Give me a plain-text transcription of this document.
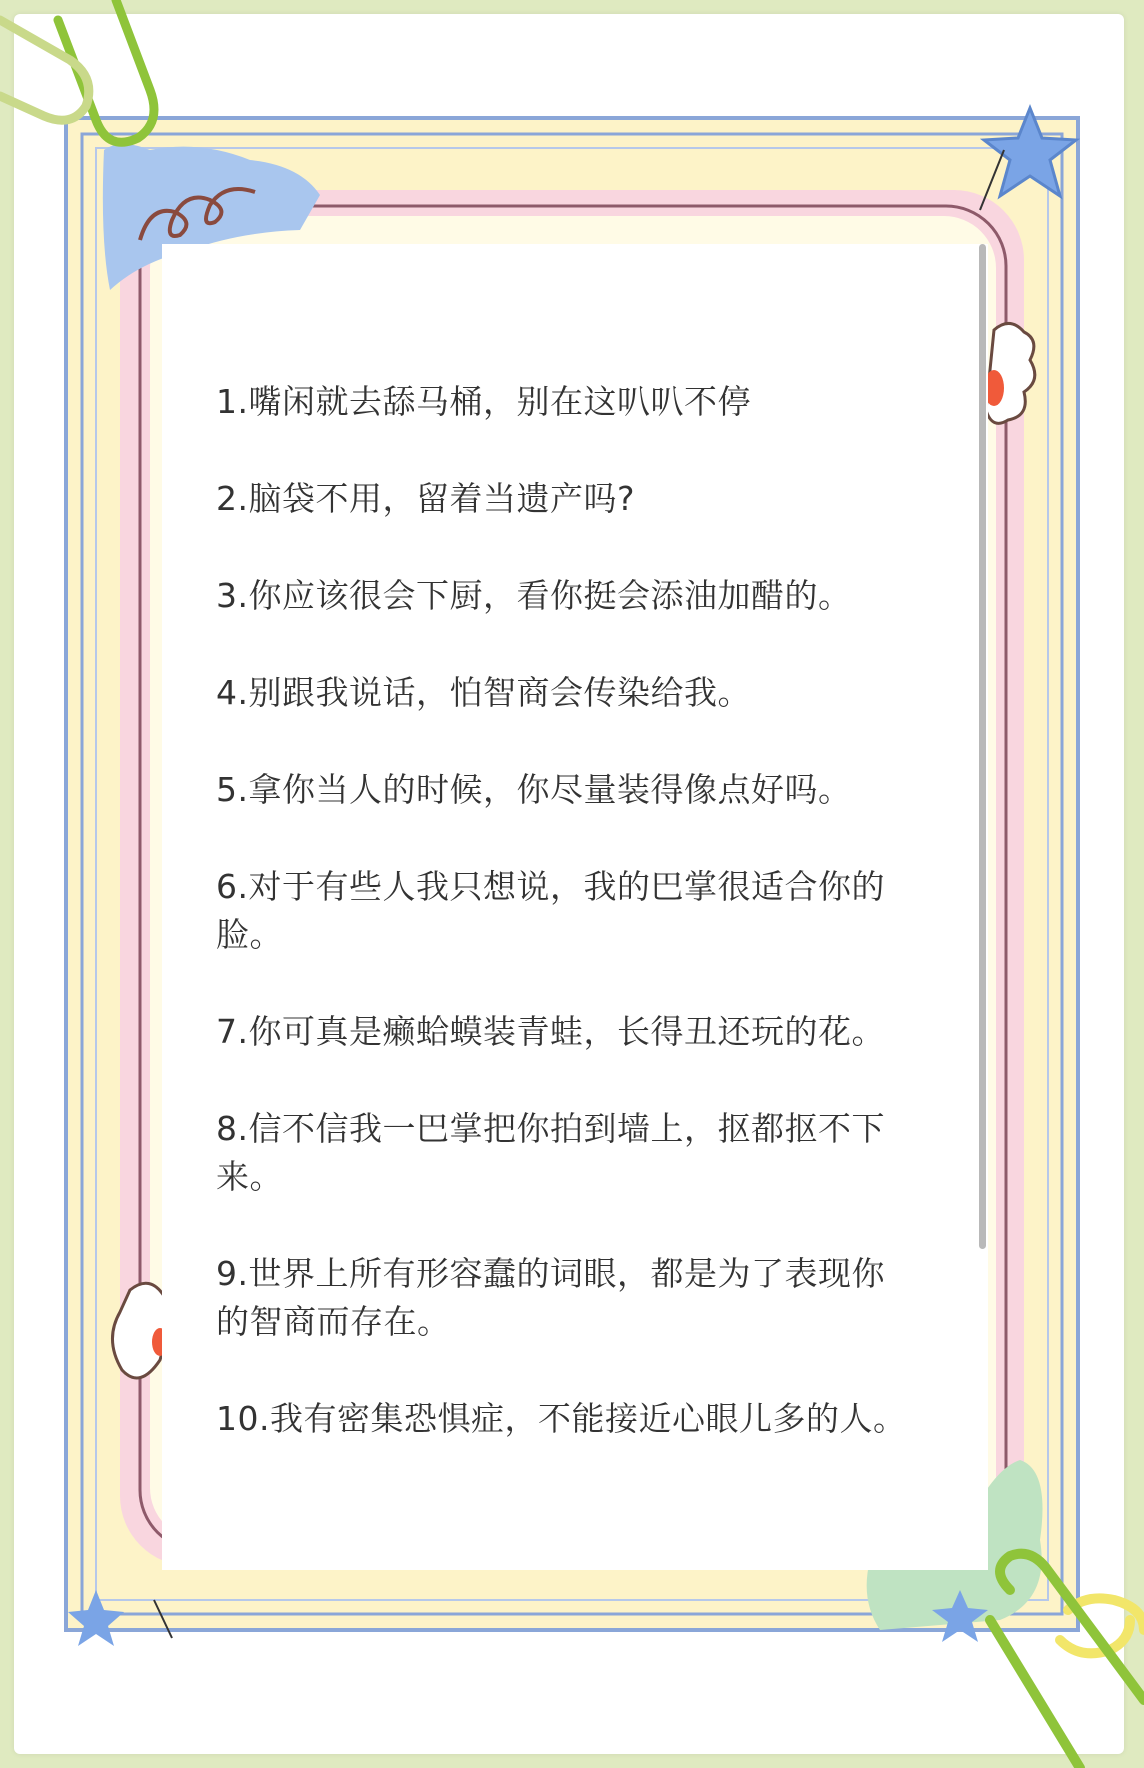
1.嘴闲就去舔马桶，别在这叭叭不停
2.脑袋不用，留着当遗产吗?
3.你应该很会下厨，看你挺会添油加醋的。
4.别跟我说话，怕智商会传染给我。
5.拿你当人的时候，你尽量装得像点好吗。
6.对于有些人我只想说，我的巴掌很适合你的脸。
7.你可真是癞蛤蟆装青蛙，长得丑还玩的花。
8.信不信我一巴掌把你拍到墙上，抠都抠不下来。
9.世界上所有形容蠢的词眼，都是为了表现你的智商而存在。
10.我有密集恐惧症，不能接近心眼儿多的人。
